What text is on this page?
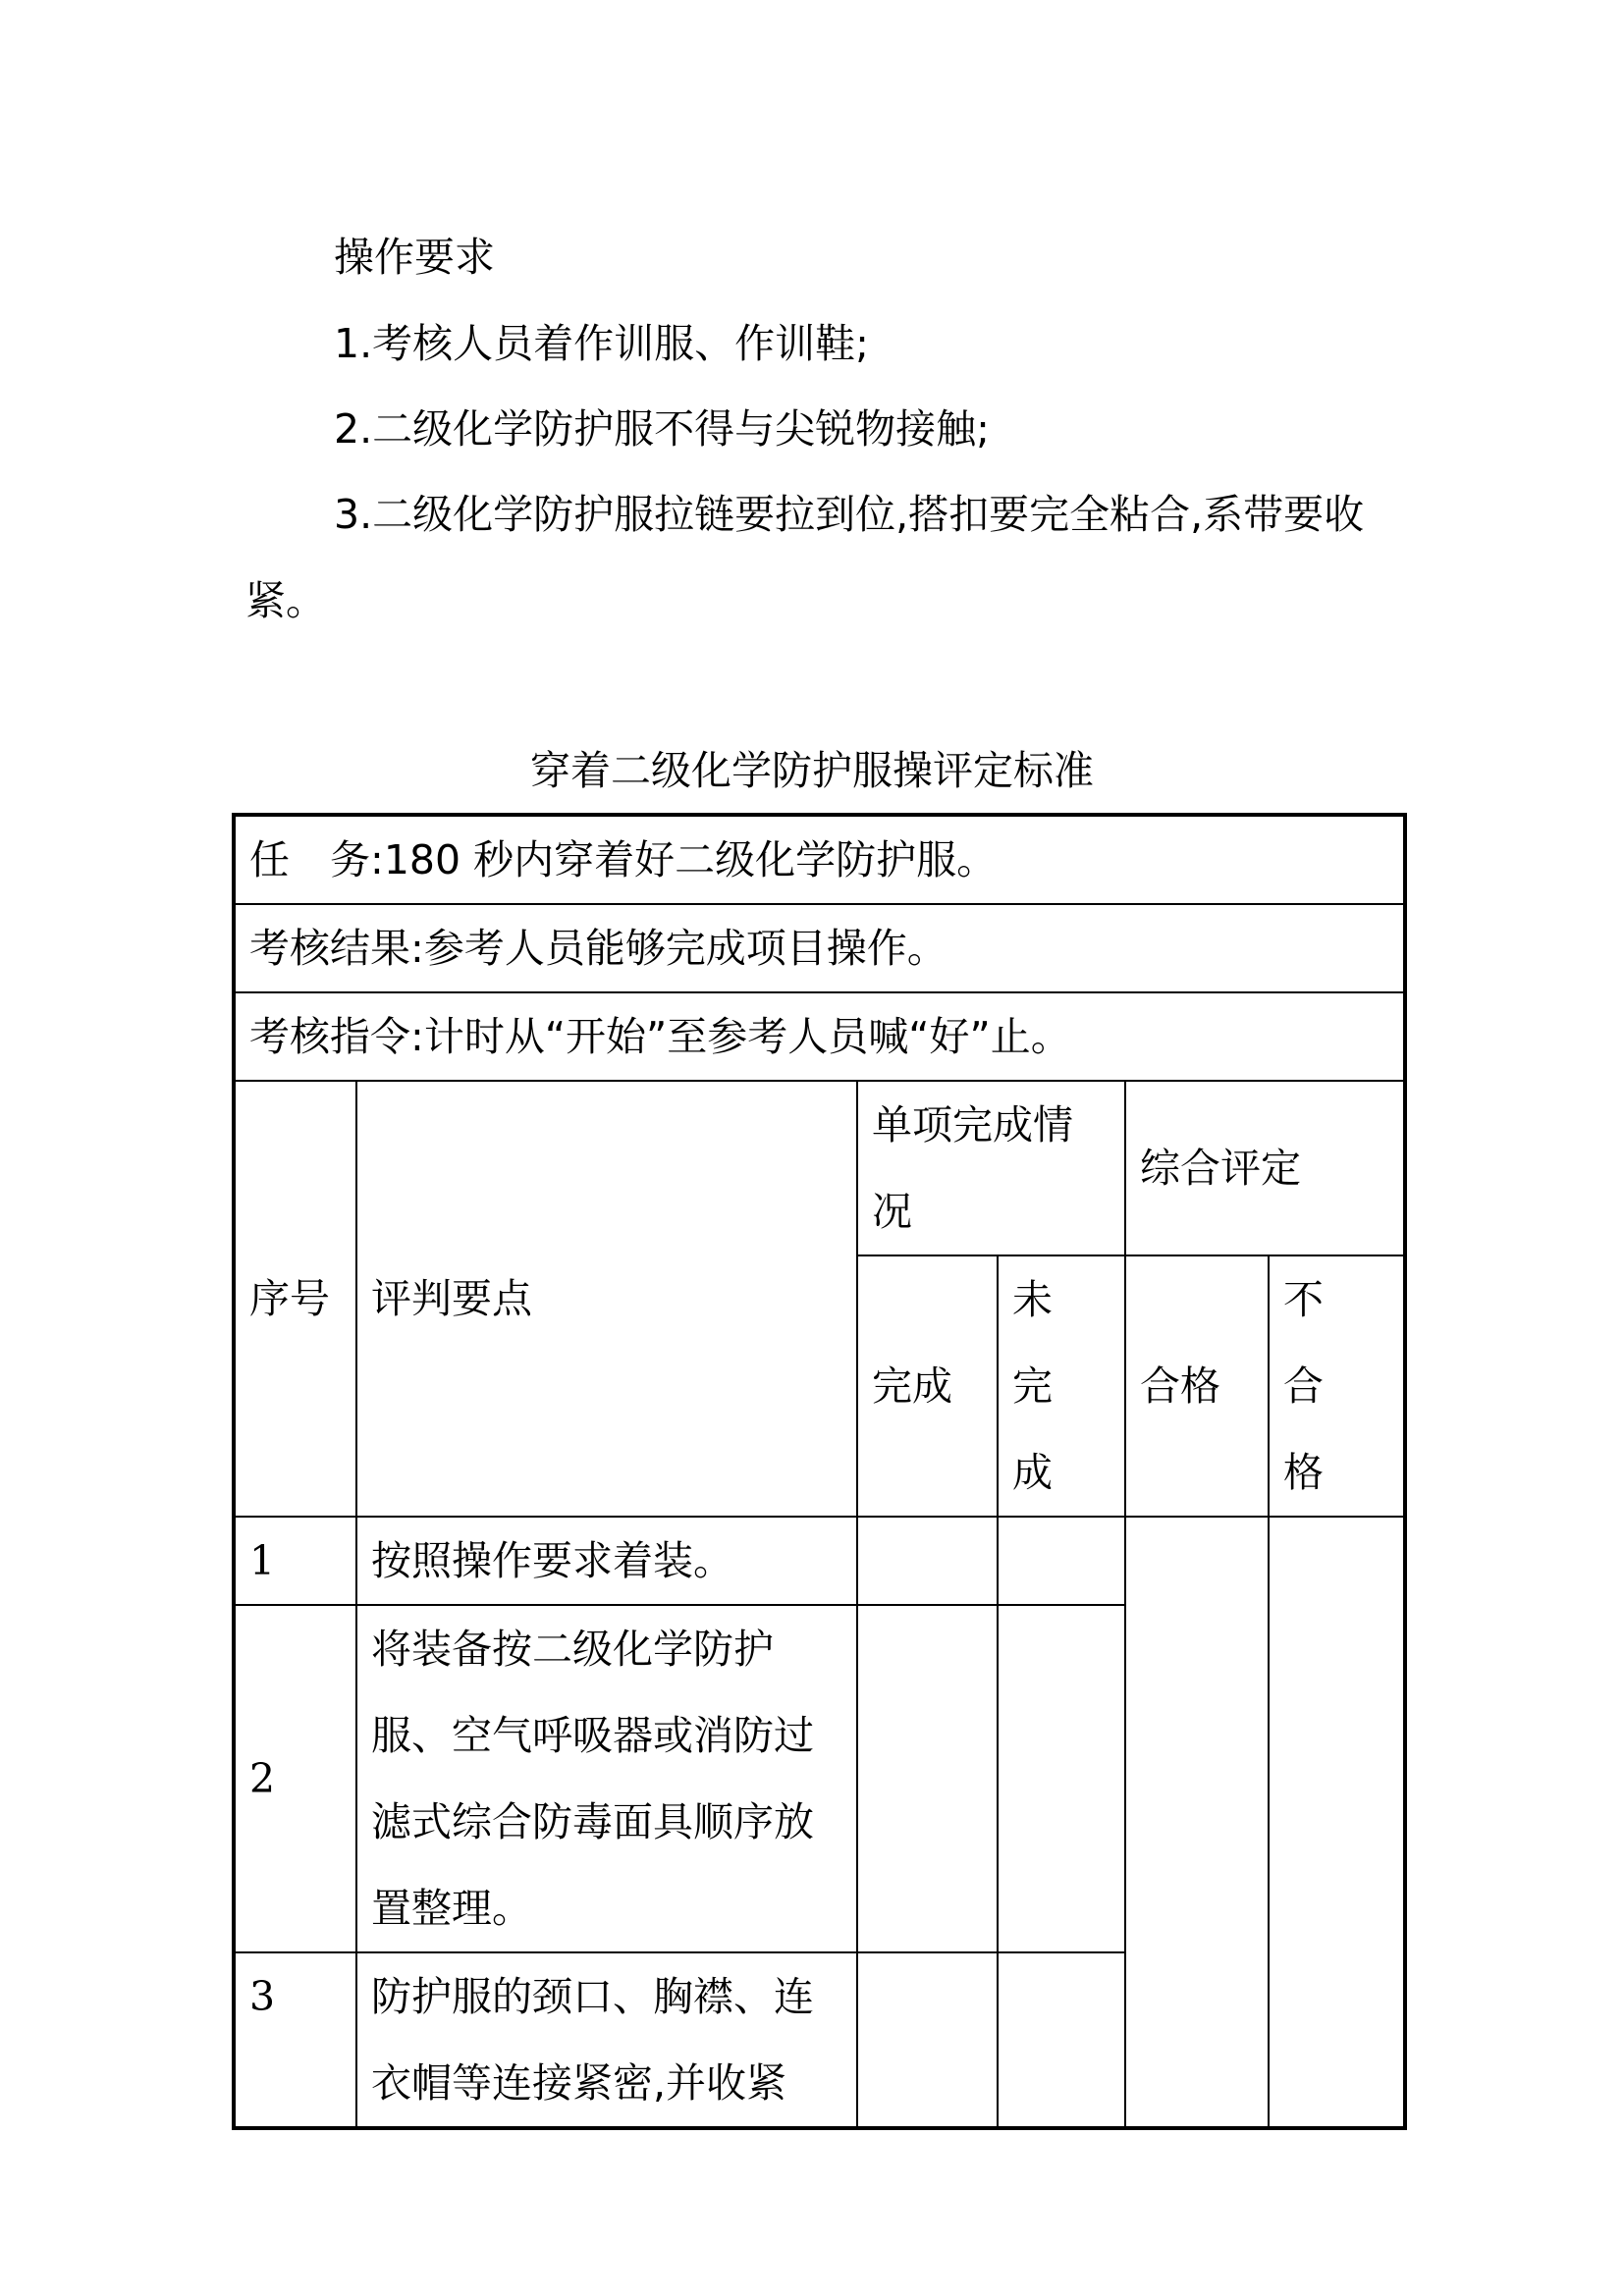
操作要求

1.考核人员着作训服、作训鞋;

2.二级化学防护服不得与尖锐物接触;

3.二级化学防护服拉链要拉到位,搭扣要完全粘合,系带要收紧。

穿着二级化学防护服操评定标准

任　务:180 秒内穿着好二级化学防护服。					
考核结果:参考人员能够完成项目操作。					
考核指令:计时从“开始”至参考人员喊“好”止。					
序号	评判要点	单项完成情况		综合评定	
		完成	未完成	合格	不合格
1	按照操作要求着装。				
2	将装备按二级化学防护服、空气呼吸器或消防过滤式综合防毒面具顺序放置整理。				
3	防护服的颈口、胸襟、连衣帽等连接紧密,并收紧				
